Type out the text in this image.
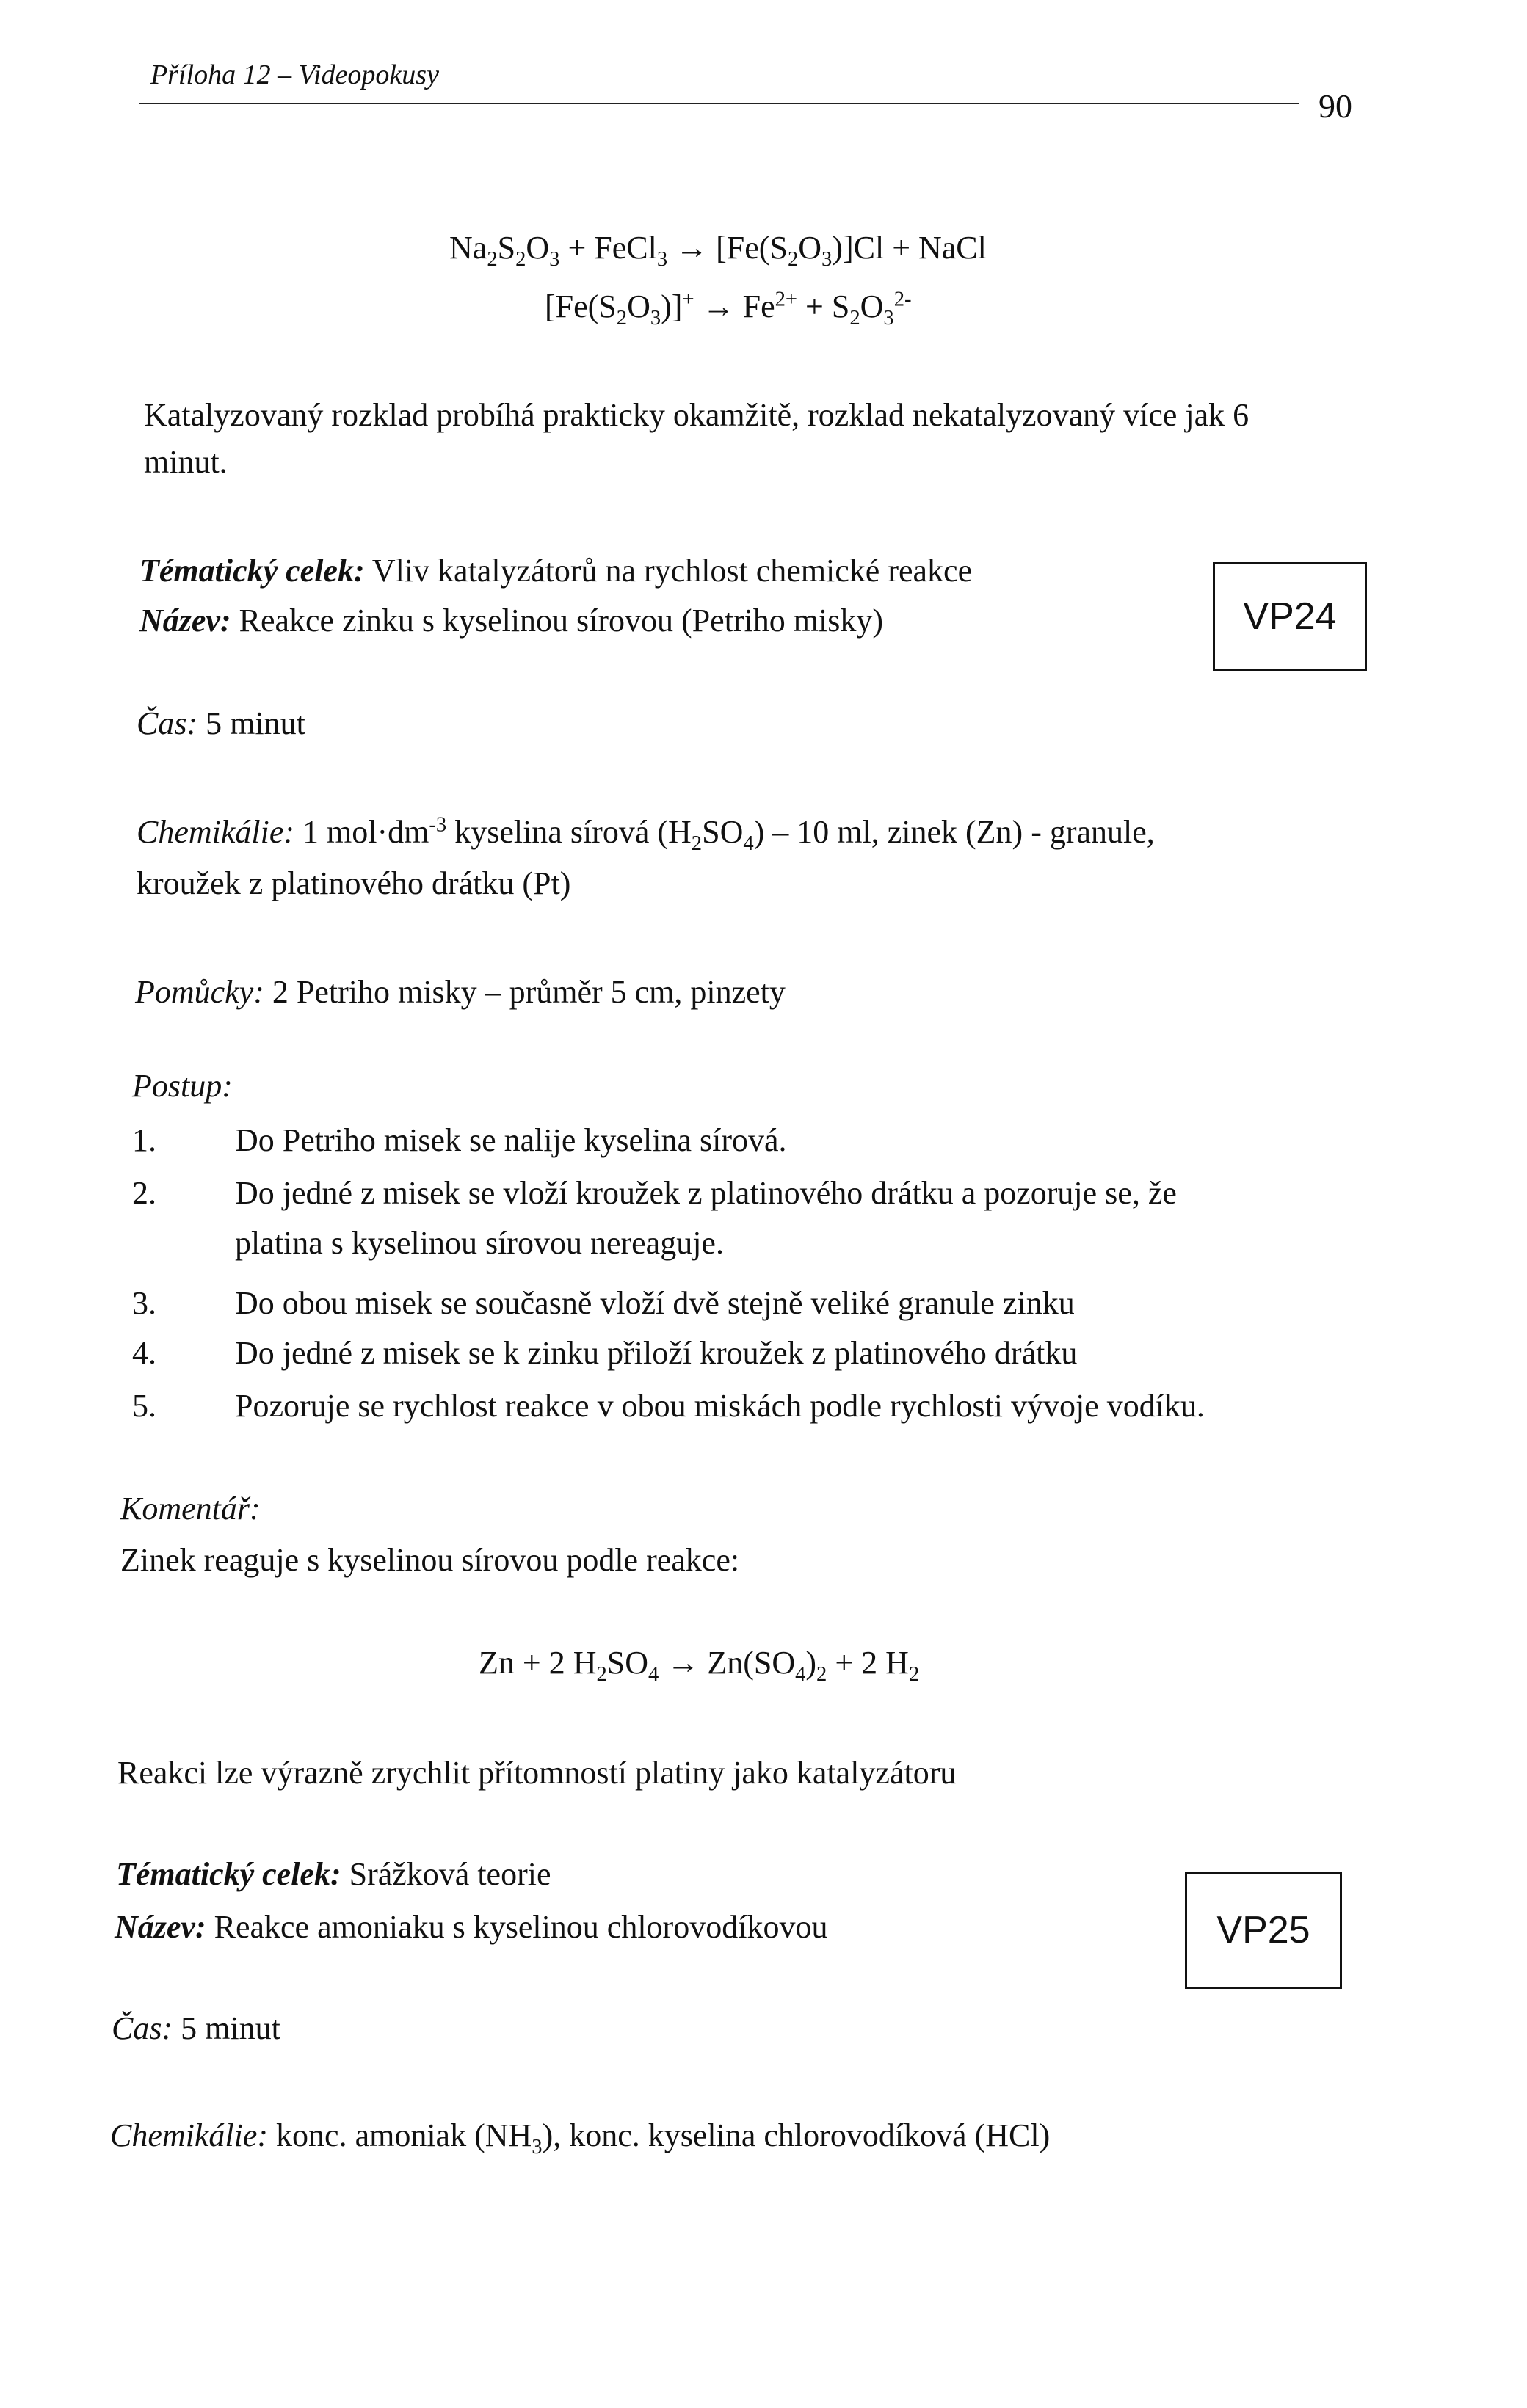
Příloha 12 – Videopokusy
90
$Na_2S_2O_3$ + FeCl$_3$ → $[Fe(S_2O_3)]Cl$ + NaCl
$[Fe(S_2O_3)]^+ \to Fe^{2+} + S_2O_3^{2-}$
Katalyzovaný rozklad probíhá prakticky okamžitě, rozklad nekatalyzovaný více jak 6
minut.
Tématický celek: Vliv katalyzátorů na rychlost chemické reakce
Název: Reakce zinku s kyselinou sírovou (Petriho misky)	VP24
Čas: 5 minut
Chemikálie: 1 $mol\cdot dm^{-3}$ kyselina sírová $(H_2SO_4) - 10$ ml, zinek (Zn) - granule,
kroužek z platinového drátku (Pt)
Pomůcky: 2 Petriho misky – průměr 5 cm, pinzety
Postup:
1. Do Petriho misek se nalije kyselina sírová.
2. Do jedné z misek se vloží kroužek z platinového drátku a pozoruje se, že
platina s kyselinou sírovou nereaguje.
3. Do obou misek se současně vloží dvě stejně veliké granule zinku
4. Do jedné z misek se k zinku přiloží kroužek z platinového drátku
5. Pozoruje se rychlost reakce v obou miskách podle rychlosti vývoje vodíku.
Komentář:
Zinek reaguje s kyselinou sírovou podle reakce:
Zn + 2 $H_2SO_4 \to Zn(SO_4)_2 + 2$ $H_2$
Reakci lze výrazně zrychlit přítomností platiny jako katalyzátoru
Tématický celek: Srážková teorie
Název: Reakce amoniaku s kyselinou chlorovodíkovou	VP25
Čas: 5 minut
Chemikálie: konc. amoniak $(NH_3)$, konc. kyselina chlorovodíková (HCl)
